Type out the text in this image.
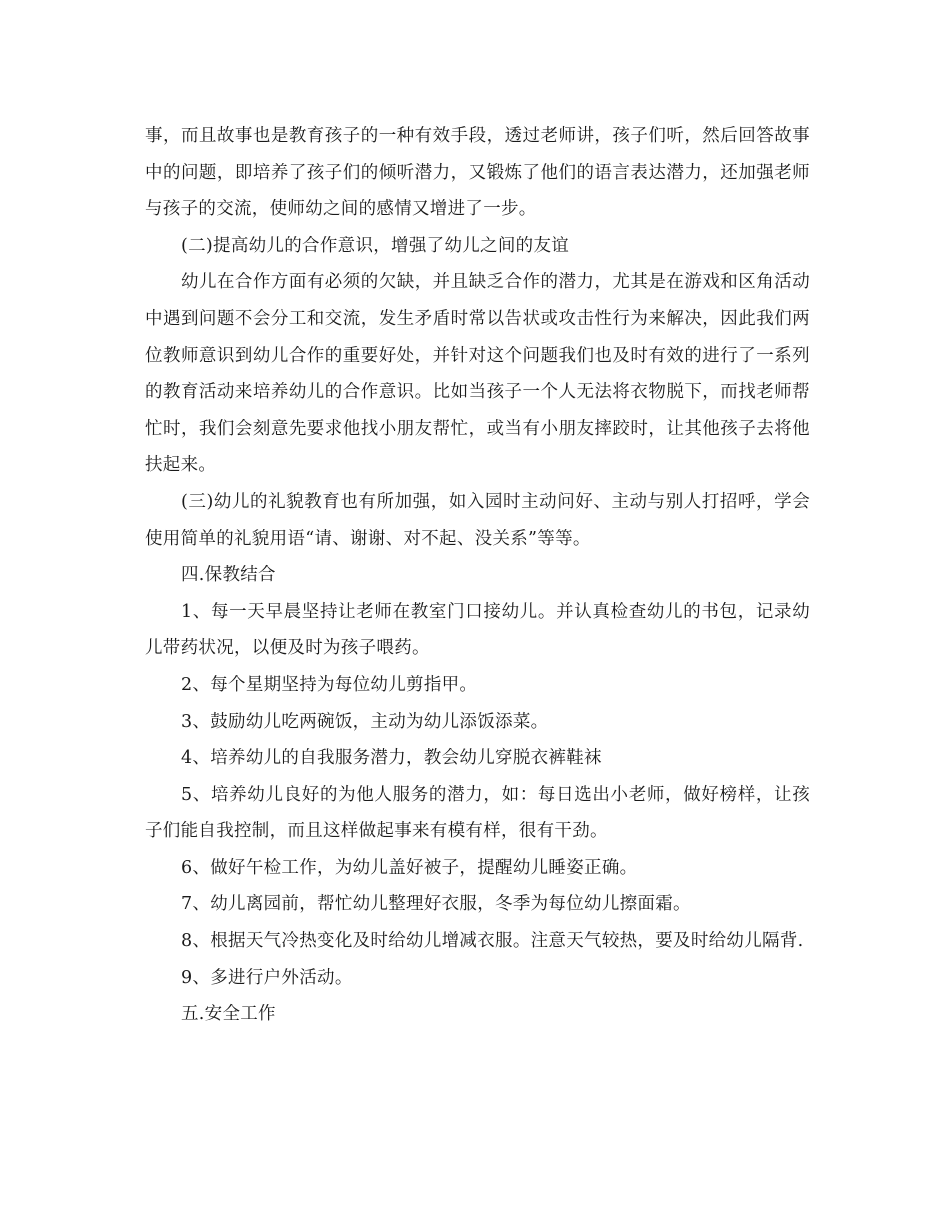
事，而且故事也是教育孩子的一种有效手段，透过老师讲，孩子们听，然后回答故事中的问题，即培养了孩子们的倾听潜力，又锻炼了他们的语言表达潜力，还加强老师与孩子的交流，使师幼之间的感情又增进了一步。

(二)提高幼儿的合作意识，增强了幼儿之间的友谊

幼儿在合作方面有必须的欠缺，并且缺乏合作的潜力，尤其是在游戏和区角活动中遇到问题不会分工和交流，发生矛盾时常以告状或攻击性行为来解决，因此我们两位教师意识到幼儿合作的重要好处，并针对这个问题我们也及时有效的进行了一系列的教育活动来培养幼儿的合作意识。比如当孩子一个人无法将衣物脱下，而找老师帮忙时，我们会刻意先要求他找小朋友帮忙，或当有小朋友摔跤时，让其他孩子去将他扶起来。

(三)幼儿的礼貌教育也有所加强，如入园时主动问好、主动与别人打招呼，学会使用简单的礼貌用语“请、谢谢、对不起、没关系”等等。

四.保教结合

1、每一天早晨坚持让老师在教室门口接幼儿。并认真检查幼儿的书包，记录幼儿带药状况，以便及时为孩子喂药。

2、每个星期坚持为每位幼儿剪指甲。

3、鼓励幼儿吃两碗饭，主动为幼儿添饭添菜。

4、培养幼儿的自我服务潜力，教会幼儿穿脱衣裤鞋袜

5、培养幼儿良好的为他人服务的潜力，如：每日选出小老师，做好榜样，让孩子们能自我控制，而且这样做起事来有模有样，很有干劲。

6、做好午检工作，为幼儿盖好被子，提醒幼儿睡姿正确。

7、幼儿离园前，帮忙幼儿整理好衣服，冬季为每位幼儿擦面霜。

8、根据天气冷热变化及时给幼儿增减衣服。注意天气较热，要及时给幼儿隔背.

9、多进行户外活动。

五.安全工作
